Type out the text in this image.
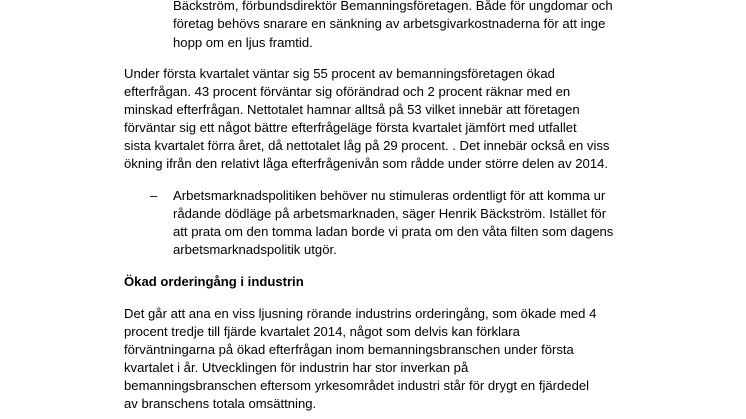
Bäckström, förbundsdirektör Bemanningsföretagen. Både för ungdomar och
företag behövs snarare en sänkning av arbetsgivarkostnaderna för att inge
hopp om en ljus framtid.
Under första kvartalet väntar sig 55 procent av bemanningsföretagen ökad
efterfrågan. 43 procent förväntar sig oförändrad och 2 procent räknar med en
minskad efterfrågan. Nettotalet hamnar alltså på 53 vilket innebär att företagen
förväntar sig ett något bättre efterfrågeläge första kvartalet jämfört med utfallet
sista kvartalet förra året, då nettotalet låg på 29 procent. . Det innebär också en viss
ökning ifrån den relativt låga efterfrågenivån som rådde under större delen av 2014.
– Arbetsmarknadspolitiken behöver nu stimuleras ordentligt för att komma ur
rådande dödläge på arbetsmarknaden, säger Henrik Bäckström. Istället för
att prata om den tomma ladan borde vi prata om den våta filten som dagens
arbetsmarknadspolitik utgör.
Ökad orderingång i industrin
Det går att ana en viss ljusning rörande industrins orderingång, som ökade med 4
procent tredje till fjärde kvartalet 2014, något som delvis kan förklara
förväntningarna på ökad efterfrågan inom bemanningsbranschen under första
kvartalet i år. Utvecklingen för industrin har stor inverkan på
bemanningsbranschen eftersom yrkesområdet industri står för drygt en fjärdedel
av branschens totala omsättning.
